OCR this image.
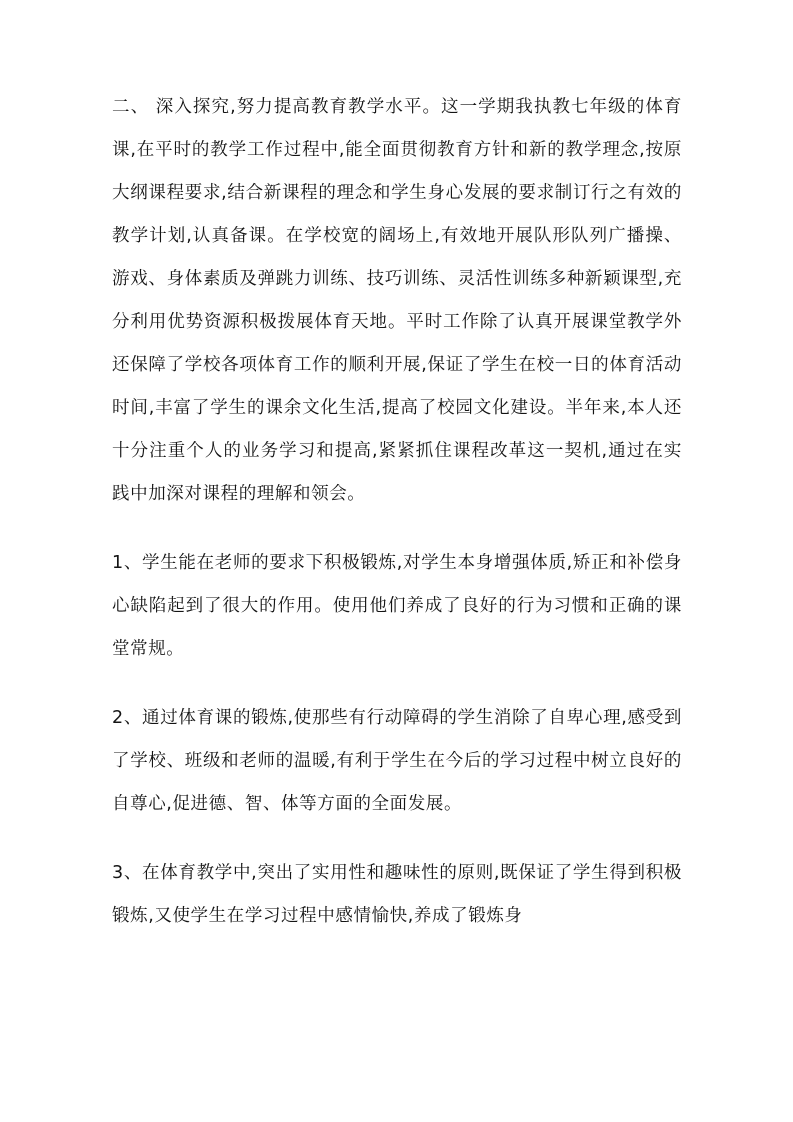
二、 深入探究,努力提高教育教学水平。这一学期我执教七年级的体育课,在平时的教学工作过程中,能全面贯彻教育方针和新的教学理念,按原大纲课程要求,结合新课程的理念和学生身心发展的要求制订行之有效的教学计划,认真备课。在学校宽的阔场上,有效地开展队形队列广播操、游戏、身体素质及弹跳力训练、技巧训练、灵活性训练多种新颖课型,充分利用优势资源积极拨展体育天地。平时工作除了认真开展课堂教学外还保障了学校各项体育工作的顺利开展,保证了学生在校一日的体育活动时间,丰富了学生的课余文化生活,提高了校园文化建设。半年来,本人还十分注重个人的业务学习和提高,紧紧抓住课程改革这一契机,通过在实践中加深对课程的理解和领会。

1、学生能在老师的要求下积极锻炼,对学生本身增强体质,矫正和补偿身心缺陷起到了很大的作用。使用他们养成了良好的行为习惯和正确的课堂常规。

2、通过体育课的锻炼,使那些有行动障碍的学生消除了自卑心理,感受到了学校、班级和老师的温暖,有利于学生在今后的学习过程中树立良好的自尊心,促进德、智、体等方面的全面发展。

3、在体育教学中,突出了实用性和趣味性的原则,既保证了学生得到积极锻炼,又使学生在学习过程中感情愉快,养成了锻炼身
